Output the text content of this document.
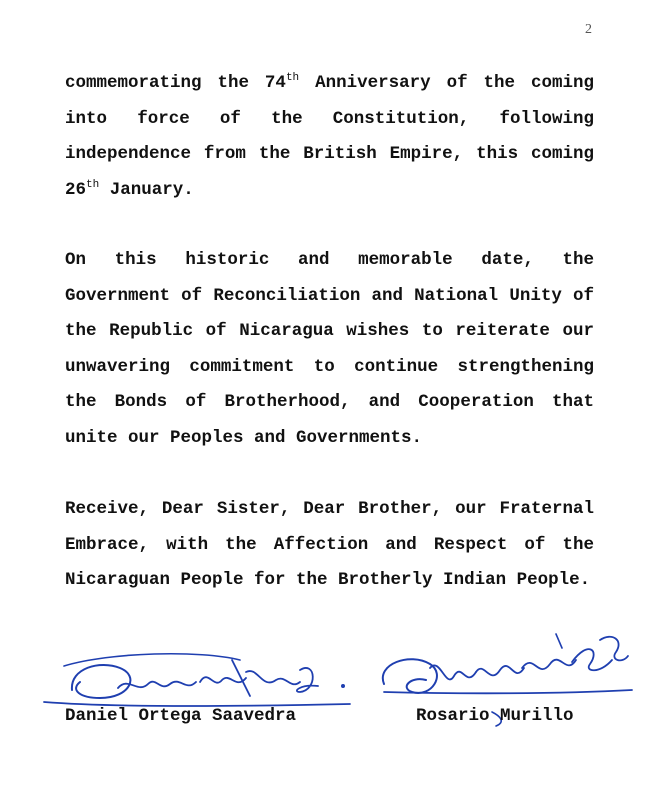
2
commemorating the 74th Anniversary of the coming into force of the Constitution, following independence from the British Empire, this coming 26th January.
On this historic and memorable date, the Government of Reconciliation and National Unity of the Republic of Nicaragua wishes to reiterate our unwavering commitment to continue strengthening the Bonds of Brotherhood, and Cooperation that unite our Peoples and Governments.
Receive, Dear Sister, Dear Brother, our Fraternal Embrace, with the Affection and Respect of the Nicaraguan People for the Brotherly Indian People.
Daniel Ortega Saavedra	Rosario Murillo
